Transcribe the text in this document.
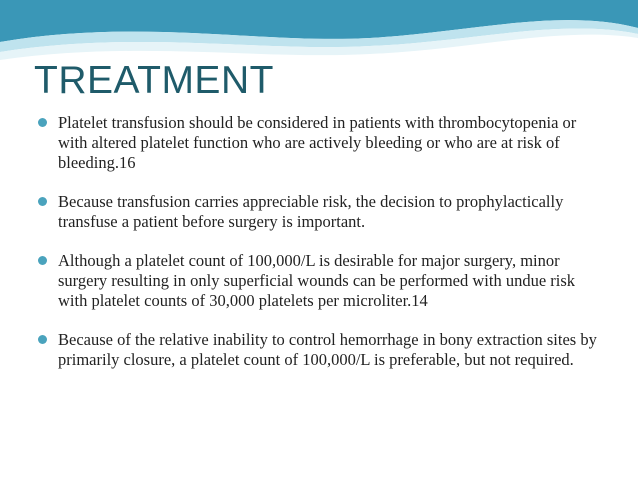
TREATMENT
Platelet transfusion should be considered in patients with thrombocytopenia or with altered platelet function who are actively bleeding or who are at risk of bleeding.16
Because transfusion carries appreciable risk, the decision to prophylactically transfuse a patient before surgery is important.
Although a platelet count of 100,000/L is desirable for major surgery, minor surgery resulting in only superficial wounds can be performed with undue risk with platelet counts of 30,000 platelets per microliter.14
Because of the relative inability to control hemorrhage in bony extraction sites by primarily closure, a platelet count of 100,000/L is preferable, but not required.
